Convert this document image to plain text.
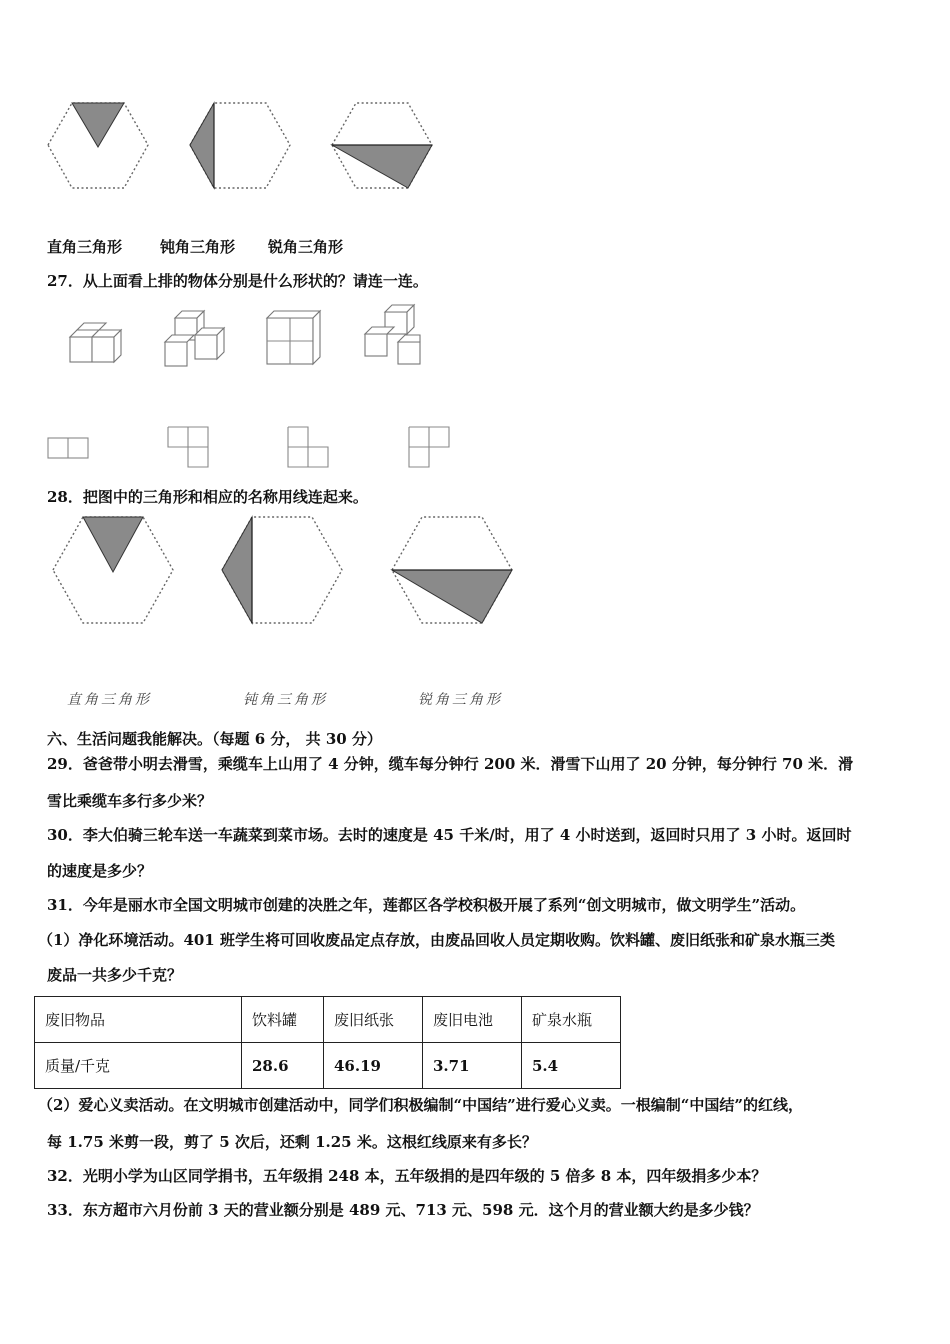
直角三角形	钝角三角形 锐角三角形
27．从上面看上排的物体分别是什么形状的？请连一连。
28．把图中的三角形和相应的名称用线连起来。
直角三角形	钝角三角形	锐角三角形
六、生活问题我能解决。（每题 6 分， 共 30 分）
29．爸爸带小明去滑雪，乘缆车上山用了 4 分钟，缆车每分钟行 200 米．滑雪下山用了 20 分钟，每分钟行 70 米．滑
雪比乘缆车多行多少米？
30．李大伯骑三轮车送一车蔬菜到菜市场。去时的速度是 45 千米/时，用了 4 小时送到，返回时只用了 3 小时。返回时
的速度是多少？
31．今年是丽水市全国文明城市创建的决胜之年，莲都区各学校积极开展了系列“创文明城市，做文明学生”活动。
（1）净化环境活动。401 班学生将可回收废品定点存放，由废品回收人员定期收购。饮料罐、废旧纸张和矿泉水瓶三类
废品一共多少千克？
废旧物品	饮料罐	废旧纸张	废旧电池	矿泉水瓶
质量/千克	28.6	46.19	3.71	5.4
（2）爱心义卖活动。在文明城市创建活动中，同学们积极编制“中国结”进行爱心义卖。一根编制“中国结”的红线，
每 1.75 米剪一段，剪了 5 次后，还剩 1.25 米。这根红线原来有多长？
32．光明小学为山区同学捐书，五年级捐 248 本，五年级捐的是四年级的 5 倍多 8 本，四年级捐多少本？
33．东方超市六月份前 3 天的营业额分别是 489 元、713 元、598 元．这个月的营业额大约是多少钱？
